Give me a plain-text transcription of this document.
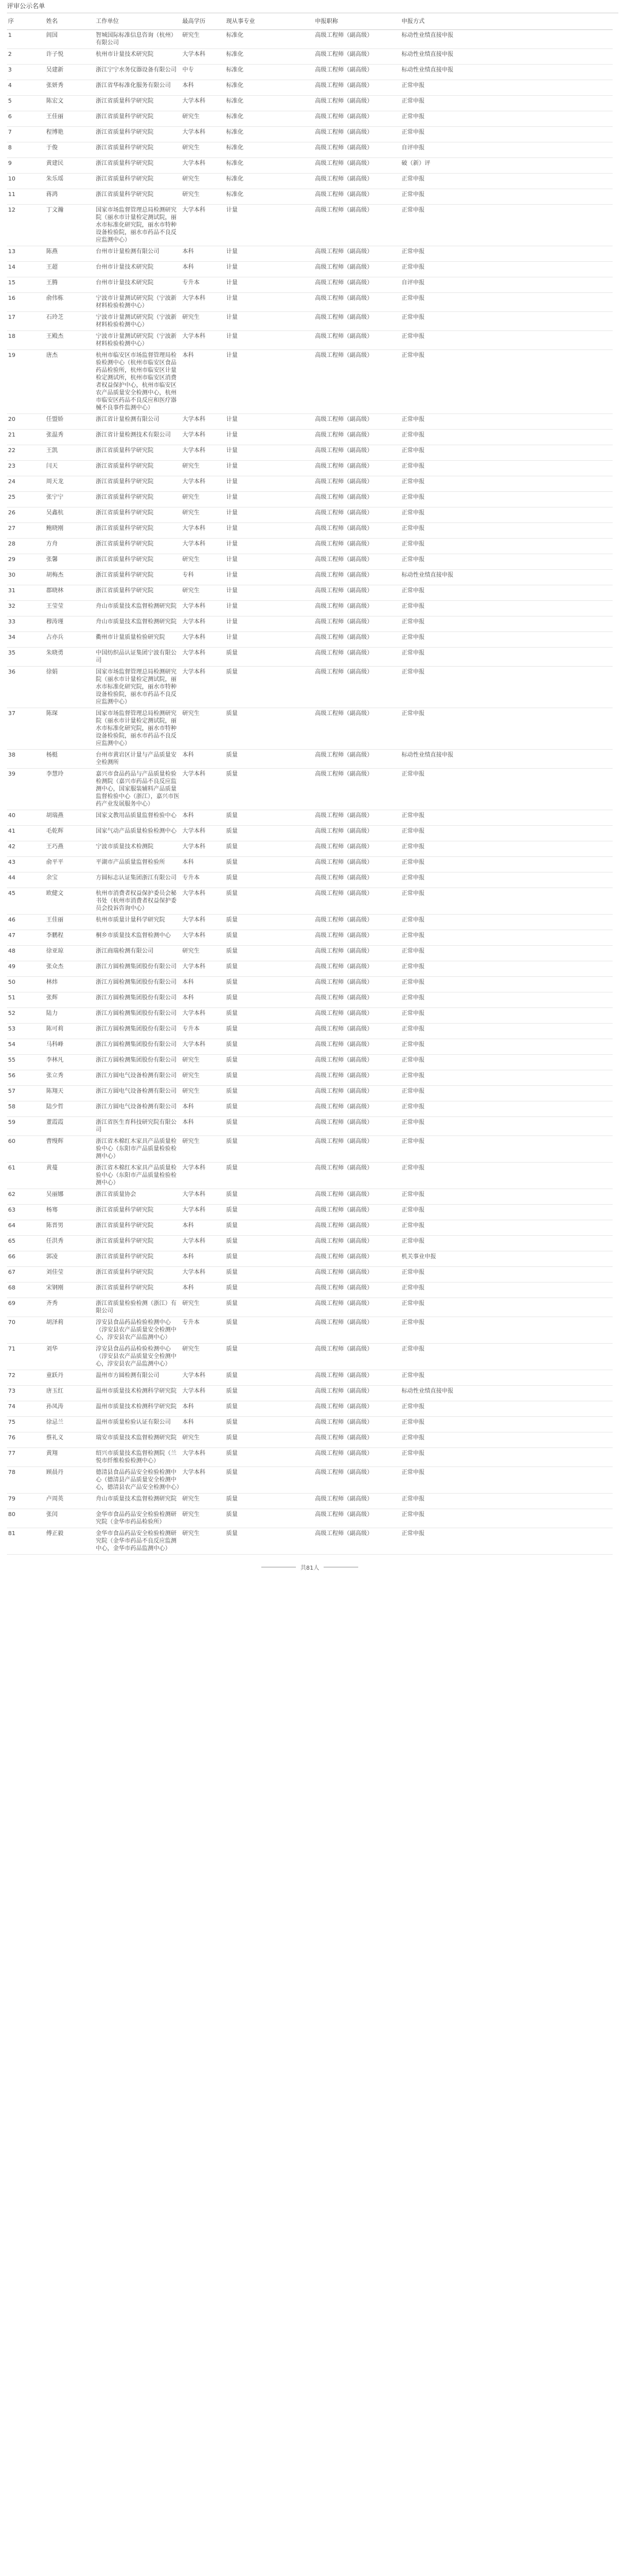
评审公示名单
序	姓名	工作单位	最高学历	现从事专业	申报职称	申报方式
1	闾国	智城国际标准信息咨询（杭州）有限公司	研究生	标准化	高级工程师（副高级）	标动性业绩直接申报
2	许子悦	杭州市计量技术研究院	大学本科	标准化	高级工程师（副高级）	标动性业绩直接申报
3	吴建新	浙江宁宁水务仪器设备有限公司	中专	标准化	高级工程师（副高级）	标动性业绩直接申报
4	张妍秀	浙江省华标准化服务有限公司	本科	标准化	高级工程师（副高级）	正常申报
5	陈宏文	浙江省质量科学研究院	大学本科	标准化	高级工程师（副高级）	正常申报
6	王佳丽	浙江省质量科学研究院	研究生	标准化	高级工程师（副高级）	正常申报
7	程博艳	浙江省质量科学研究院	大学本科	标准化	高级工程师（副高级）	正常申报
8	于俊	浙江省质量科学研究院	研究生	标准化	高级工程师（副高级）	自评申报
9	黄建民	浙江省质量科学研究院	大学本科	标准化	高级工程师（副高级）	破（新）评
10	朱乐瑶	浙江省质量科学研究院	研究生	标准化	高级工程师（副高级）	正常申报
11	蒋鸿	浙江省质量科学研究院	研究生	标准化	高级工程师（副高级）	正常申报
12	丁文瀚	国家市场监督管理总局检测研究院（丽水市计量检定测试院，丽水市标准化研究院，丽水市特种设备检验院，丽水市药品不良反应监测中心）	大学本科	计量	高级工程师（副高级）	正常申报
13	陈燕	台州市计量检测有限公司	本科	计量	高级工程师（副高级）	正常申报
14	王超	台州市计量技术研究院	本科	计量	高级工程师（副高级）	正常申报
15	王腾	台州市计量技术研究院	专升本	计量	高级工程师（副高级）	自评申报
16	俞伟栋	宁波市计量测试研究院（宁波新材料检验检测中心）	大学本科	计量	高级工程师（副高级）	正常申报
17	石玲芝	宁波市计量测试研究院（宁波新材料检验检测中心）	研究生	计量	高级工程师（副高级）	正常申报
18	王殿杰	宁波市计量测试研究院（宁波新材料检验检测中心）	大学本科	计量	高级工程师（副高级）	正常申报
19	唐杰	杭州市临安区市场监督管理局检验检测中心（杭州市临安区食品药品检验所，杭州市临安区计量检定测试所，杭州市临安区消费者权益保护中心，杭州市临安区农产品质量安全检测中心，杭州市临安区药品不良反应和医疗器械不良事件监测中心）	本科	计量	高级工程师（副高级）	正常申报
20	任盟娇	浙江省计量检测有限公司	大学本科	计量	高级工程师（副高级）	正常申报
21	张温秀	浙江省计量检测技术有限公司	大学本科	计量	高级工程师（副高级）	正常申报
22	王凯	浙江省质量科学研究院	大学本科	计量	高级工程师（副高级）	正常申报
23	闫天	浙江省质量科学研究院	研究生	计量	高级工程师（副高级）	正常申报
24	周天龙	浙江省质量科学研究院	大学本科	计量	高级工程师（副高级）	正常申报
25	张宁宁	浙江省质量科学研究院	研究生	计量	高级工程师（副高级）	正常申报
26	吴鑫杭	浙江省质量科学研究院	研究生	计量	高级工程师（副高级）	正常申报
27	鲍晓刚	浙江省质量科学研究院	大学本科	计量	高级工程师（副高级）	正常申报
28	方舟	浙江省质量科学研究院	大学本科	计量	高级工程师（副高级）	正常申报
29	张馨	浙江省质量科学研究院	研究生	计量	高级工程师（副高级）	正常申报
30	胡梅杰	浙江省质量科学研究院	专科	计量	高级工程师（副高级）	标动性业绩直接申报
31	郡晓林	浙江省质量科学研究院	研究生	计量	高级工程师（副高级）	正常申报
32	王莹莹	舟山市质量技术监督检测研究院	大学本科	计量	高级工程师（副高级）	正常申报
33	穆涛瑾	舟山市质量技术监督检测研究院	大学本科	计量	高级工程师（副高级）	正常申报
34	占亦兵	衢州市计量质量检验研究院	大学本科	计量	高级工程师（副高级）	正常申报
35	朱晓勇	中国纺织品认证集团宁波有限公司	大学本科	质量	高级工程师（副高级）	正常申报
36	徐娟	国家市场监督管理总局检测研究院（丽水市计量检定测试院，丽水市标准化研究院，丽水市特种设备检验院，丽水市药品不良反应监测中心）	大学本科	质量	高级工程师（副高级）	正常申报
37	陈琛	国家市场监督管理总局检测研究院（丽水市计量检定测试院，丽水市标准化研究院，丽水市特种设备检验院，丽水市药品不良反应监测中心）	研究生	质量	高级工程师（副高级）	正常申报
38	杨梃	台州市黄岩区计量与产品质量安全检测所	本科	质量	高级工程师（副高级）	标动性业绩直接申报
39	李慧玲	嘉兴市食品药品与产品质量检验检测院（嘉兴市药品不良反应监测中心，国家服装辅料产品质量监督检验中心（浙江），嘉兴市医药产业发展服务中心）	大学本科	质量	高级工程师（副高级）	正常申报
40	胡瑞燕	国家文教用品质量监督检验中心	本科	质量	高级工程师（副高级）	正常申报
41	毛乾辉	国家气动产品质量检验检测中心	大学本科	质量	高级工程师（副高级）	正常申报
42	王巧燕	宁波市质量技术检测院	大学本科	质量	高级工程师（副高级）	正常申报
43	俞平平	平湖市产品质量监督检验所	本科	质量	高级工程师（副高级）	正常申报
44	余宝	方圆标志认证集团浙江有限公司	专升本	质量	高级工程师（副高级）	正常申报
45	欧健文	杭州市消费者权益保护委员会秘书处（杭州市消费者权益保护委员会投诉咨询中心）	大学本科	质量	高级工程师（副高级）	正常申报
46	王佳丽	杭州市质量计量科学研究院	大学本科	质量	高级工程师（副高级）	正常申报
47	李鹏程	桐乡市质量技术监督检测中心	大学本科	质量	高级工程师（副高级）	正常申报
48	徐亚琼	浙江商瑞检测有限公司	研究生	质量	高级工程师（副高级）	正常申报
49	张众杰	浙江方圆检测集团股份有限公司	大学本科	质量	高级工程师（副高级）	正常申报
50	林炜	浙江方圆检测集团股份有限公司	本科	质量	高级工程师（副高级）	正常申报
51	张辉	浙江方圆检测集团股份有限公司	本科	质量	高级工程师（副高级）	正常申报
52	陆力	浙江方圆检测集团股份有限公司	大学本科	质量	高级工程师（副高级）	正常申报
53	陈可莉	浙江方圆检测集团股份有限公司	专升本	质量	高级工程师（副高级）	正常申报
54	马科峰	浙江方圆检测集团股份有限公司	大学本科	质量	高级工程师（副高级）	正常申报
55	李林凡	浙江方圆检测集团股份有限公司	研究生	质量	高级工程师（副高级）	正常申报
56	张立秀	浙江方圆电气设备检测有限公司	研究生	质量	高级工程师（副高级）	正常申报
57	陈翔天	浙江方圆电气设备检测有限公司	研究生	质量	高级工程师（副高级）	正常申报
58	陆少哲	浙江方圆电气设备检测有限公司	本科	质量	高级工程师（副高级）	正常申报
59	董霞霞	浙江省医生育科技研究院有限公司	本科	质量	高级工程师（副高级）	正常申报
60	曹缦辉	浙江省木棉红木家具产品质量检验中心（东阳市产品质量检验检测中心）	研究生	质量	高级工程师（副高级）	正常申报
61	黄蔓	浙江省木棉红木家具产品质量检验中心（东阳市产品质量检验检测中心）	大学本科	质量	高级工程师（副高级）	正常申报
62	吴丽娜	浙江省质量协会	大学本科	质量	高级工程师（副高级）	正常申报
63	杨骞	浙江省质量科学研究院	大学本科	质量	高级工程师（副高级）	正常申报
64	陈晋男	浙江省质量科学研究院	本科	质量	高级工程师（副高级）	正常申报
65	任洪秀	浙江省质量科学研究院	大学本科	质量	高级工程师（副高级）	正常申报
66	郭凌	浙江省质量科学研究院	本科	质量	高级工程师（副高级）	机关事业申报
67	刘佳莹	浙江省质量科学研究院	大学本科	质量	高级工程师（副高级）	正常申报
68	宋钢刚	浙江省质量科学研究院	本科	质量	高级工程师（副高级）	正常申报
69	齐秀	浙江省质量检验检测（浙江）有限公司	研究生	质量	高级工程师（副高级）	正常申报
70	胡泽莉	淳安县食品药品检验检测中心（淳安县农产品质量安全检测中心，淳安县农产品监测中心）	专升本	质量	高级工程师（副高级）	正常申报
71	刘华	淳安县食品药品检验检测中心（淳安县农产品质量安全检测中心，淳安县农产品监测中心）	研究生	质量	高级工程师（副高级）	正常申报
72	童跃丹	温州市方圆检测有限公司	大学本科	质量	高级工程师（副高级）	正常申报
73	唐玉红	温州市质量技术检测科学研究院	大学本科	质量	高级工程师（副高级）	标动性业绩直接申报
74	孙凤涛	温州市质量技术检测科学研究院	本科	质量	高级工程师（副高级）	正常申报
75	徐忌兰	温州市质量检验认证有限公司	本科	质量	高级工程师（副高级）	正常申报
76	蔡礼义	瑞安市质量技术监督检测研究院	研究生	质量	高级工程师（副高级）	正常申报
77	黄翔	绍兴市质量技术监督检测院（兰悦市纤维检验检测中心）	大学本科	质量	高级工程师（副高级）	正常申报
78	顾晨丹	德清县食品药品安全检验检测中心（德清县产品质量安全检测中心，德清县农产品安全检测中心）	大学本科	质量	高级工程师（副高级）	正常申报
79	卢周英	舟山市质量技术监督检测研究院	研究生	质量	高级工程师（副高级）	正常申报
80	张闰	金华市食品药品安全检验检测研究院（金华市药品检验所）	研究生	质量	高级工程师（副高级）	正常申报
81	傅正毅	金华市食品药品安全检验检测研究院（金华市药品不良反应监测中心，金华市药品监测中心）	研究生	质量	高级工程师（副高级）	正常申报
共81人
